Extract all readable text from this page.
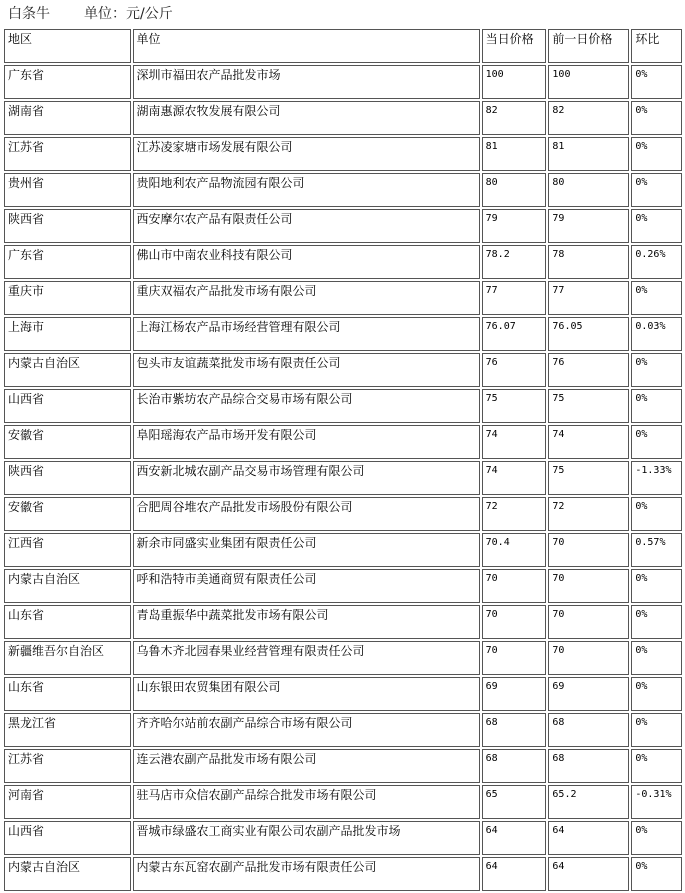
白条牛 单位：元/公斤
地区	单位	当日价格	前一日价格	环比
广东省	深圳市福田农产品批发市场	100	100	0%
湖南省	湖南惠源农牧发展有限公司	82	82	0%
江苏省	江苏凌家塘市场发展有限公司	81	81	0%
贵州省	贵阳地利农产品物流园有限公司	80	80	0%
陕西省	西安摩尔农产品有限责任公司	79	79	0%
广东省	佛山市中南农业科技有限公司	78.2	78	0.26%
重庆市	重庆双福农产品批发市场有限公司	77	77	0%
上海市	上海江杨农产品市场经营管理有限公司	76.07	76.05	0.03%
内蒙古自治区	包头市友谊蔬菜批发市场有限责任公司	76	76	0%
山西省	长治市紫坊农产品综合交易市场有限公司	75	75	0%
安徽省	阜阳瑶海农产品市场开发有限公司	74	74	0%
陕西省	西安新北城农副产品交易市场管理有限公司	74	75	-1.33%
安徽省	合肥周谷堆农产品批发市场股份有限公司	72	72	0%
江西省	新余市同盛实业集团有限责任公司	70.4	70	0.57%
内蒙古自治区	呼和浩特市美通商贸有限责任公司	70	70	0%
山东省	青岛重振华中蔬菜批发市场有限公司	70	70	0%
新疆维吾尔自治区	乌鲁木齐北园春果业经营管理有限责任公司	70	70	0%
山东省	山东银田农贸集团有限公司	69	69	0%
黑龙江省	齐齐哈尔站前农副产品综合市场有限公司	68	68	0%
江苏省	连云港农副产品批发市场有限公司	68	68	0%
河南省	驻马店市众信农副产品综合批发市场有限公司	65	65.2	-0.31%
山西省	晋城市绿盛农工商实业有限公司农副产品批发市场	64	64	0%
内蒙古自治区	内蒙古东瓦窑农副产品批发市场有限责任公司	64	64	0%
